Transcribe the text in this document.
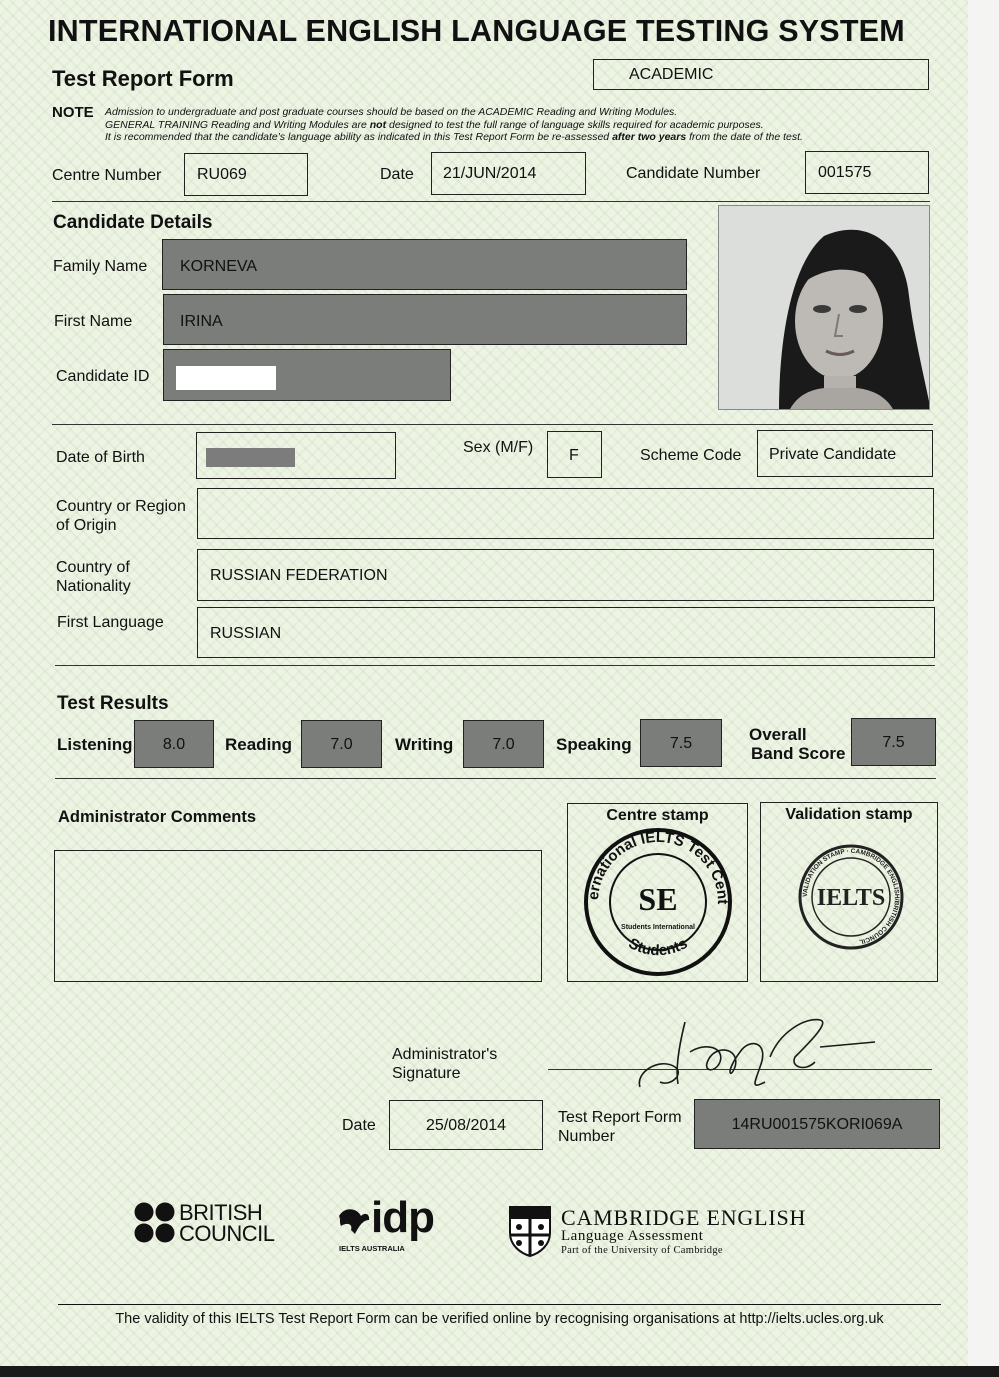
INTERNATIONAL ENGLISH LANGUAGE TESTING SYSTEM
Test Report Form	ACADEMIC
NOTE Admission to undergraduate and post graduate courses should be based on the ACADEMIC Reading and Writing Modules.
GENERAL TRAINING Reading and Writing Modules are not designed to test the full range of language skills required for academic purposes.
It is recommended that the candidate's language ability as indicated in this Test Report Form be re-assessed after two years from the date of the test.
Centre Number RU069	Date 21/JUN/2014	Candidate Number	001575
Candidate Details
Family Name KORNEVA
First Name	IRINA
Candidate ID
Date of Birth
Sex (M/F) F	Scheme Code Private Candidate
Country or Region
of Origin
Country of
Nationality
RUSSIAN FEDERATION
First Language
RUSSIAN
Test Results
Listening	8.0	Reading	7.0	Writing	7.0	Speaking	7.5	Overall
Band Score
7.5
Administrator Comments	Centre stamp
ernational IELTS Test Cent
Students
SE
Students International
Validation stamp
VALIDATION STAMP · CAMBRIDGE ENGLISH/BRITISH COUNCIL
IELTS
Administrator's
Signature
Date	25/08/2014	Test Report Form
Number
14RU001575KORI069A
BRITISH
COUNCIL idp
IELTS AUSTRALIA
CAMBRIDGE ENGLISH
Language Assessment
Part of the University of Cambridge
The validity of this IELTS Test Report Form can be verified online by recognising organisations at http://ielts.ucles.org.uk
